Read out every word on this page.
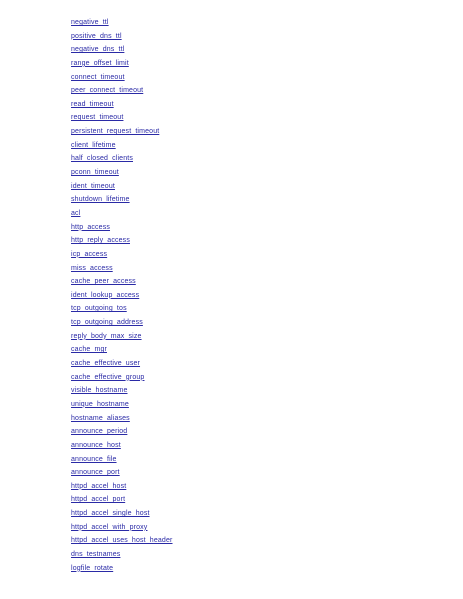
negative_ttl
positive_dns_ttl
negative_dns_ttl
range_offset_limit
connect_timeout
peer_connect_timeout
read_timeout
request_timeout
persistent_request_timeout
client_lifetime
half_closed_clients
pconn_timeout
ident_timeout
shutdown_lifetime
acl
http_access
http_reply_access
icp_access
miss_access
cache_peer_access
ident_lookup_access
tcp_outgoing_tos
tcp_outgoing_address
reply_body_max_size
cache_mgr
cache_effective_user
cache_effective_group
visible_hostname
unique_hostname
hostname_aliases
announce_period
announce_host
announce_file
announce_port
httpd_accel_host
httpd_accel_port
httpd_accel_single_host
httpd_accel_with_proxy
httpd_accel_uses_host_header
dns_testnames
logfile_rotate
